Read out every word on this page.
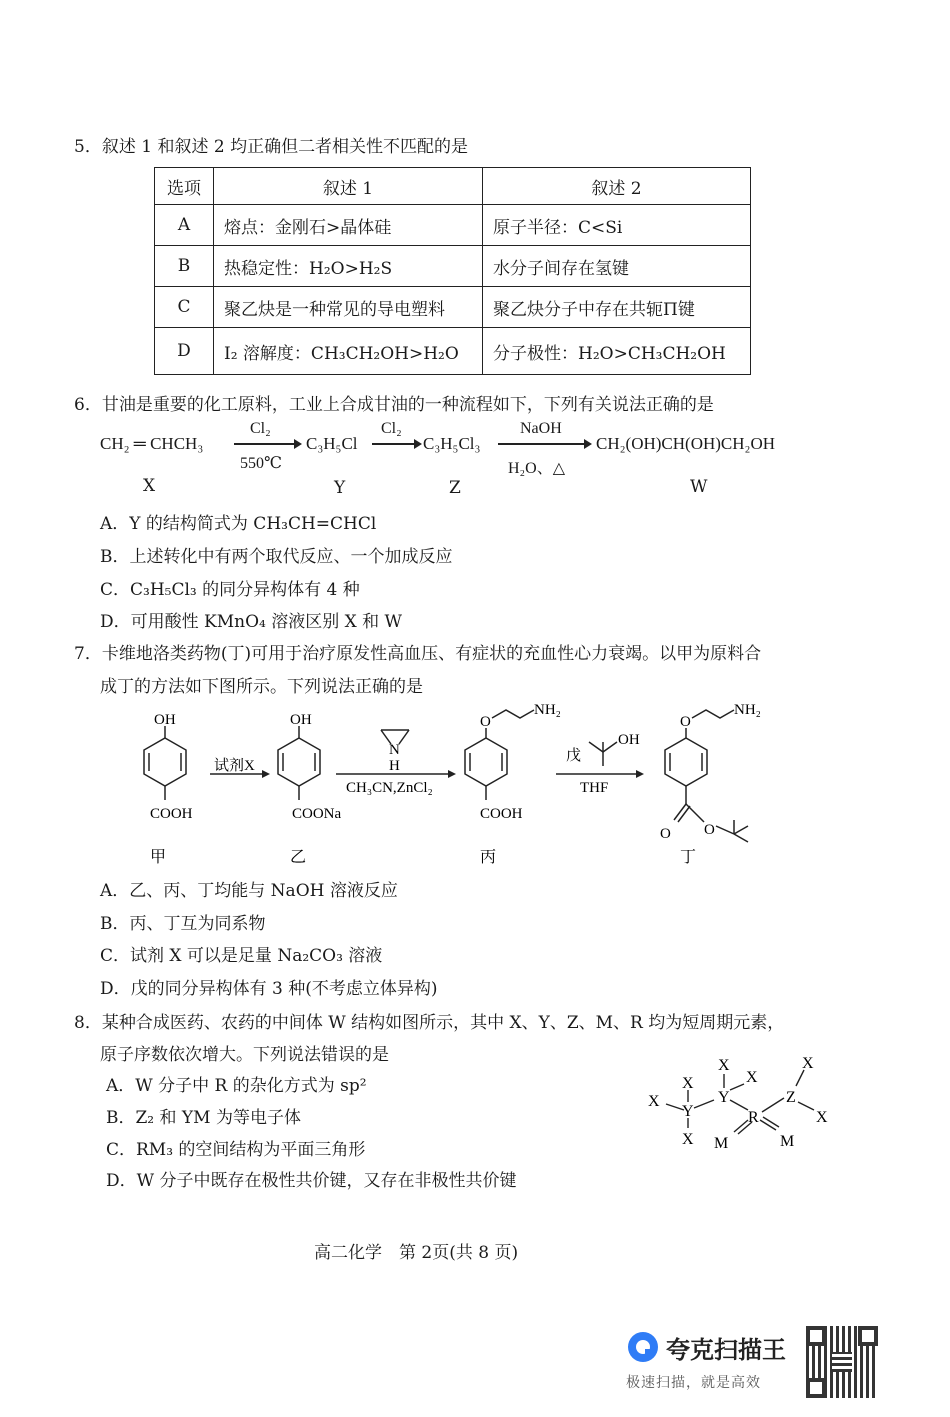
5．叙述 1 和叙述 2 均正确但二者相关性不匹配的是
选项	叙述 1	叙述 2
A	熔点：金刚石>晶体硅	原子半径：C<Si
B	热稳定性：H₂O>H₂S	水分子间存在氢键
C	聚乙炔是一种常见的导电塑料	聚乙炔分子中存在共轭Π键
D	I₂ 溶解度：CH₃CH₂OH>H₂O	分子极性：H₂O>CH₃CH₂OH
6．甘油是重要的化工原料，工业上合成甘油的一种流程如下，下列有关说法正确的是
CH₂ ═ CHCH₃
Cl₂
550℃
C₃H₅Cl
Cl₂
C₃H₅Cl₃
NaOH
H₂O、△
CH₂(OH)CH(OH)CH₂OH
X	Y	Z	W
A．Y 的结构简式为 CH₃CH=CHCl
B．上述转化中有两个取代反应、一个加成反应
C．C₃H₅Cl₃ 的同分异构体有 4 种
D．可用酸性 KMnO₄ 溶液区别 X 和 W
7．卡维地洛类药物(丁)可用于治疗原发性高血压、有症状的充血性心力衰竭。以甲为原料合
成丁的方法如下图所示。下列说法正确的是
OH
COOH
甲
试剂X
OH
COONa
乙
N
H
CH₃CN,ZnCl₂
O
NH₂
COOH
丙
戊
OH
THF
O
NH₂
O O
丁
A．乙、丙、丁均能与 NaOH 溶液反应
B．丙、丁互为同系物
C．试剂 X 可以是足量 Na₂CO₃ 溶液
D．戊的同分异构体有 3 种(不考虑立体异构)
8．某种合成医药、农药的中间体 W 结构如图所示，其中 X、Y、Z、M、R 均为短周期元素，
原子序数依次增大。下列说法错误的是
A．W 分子中 R 的杂化方式为 sp²
B．Z₂ 和 YM 为等电子体
C．RM₃ 的空间结构为平面三角形
D．W 分子中既存在极性共价键，又存在非极性共价键
X
X
Y
X
X
Y
X
R
Z
X
X
M	M
高二化学　第 2页(共 8 页)
夸克扫描王
极速扫描，就是高效
